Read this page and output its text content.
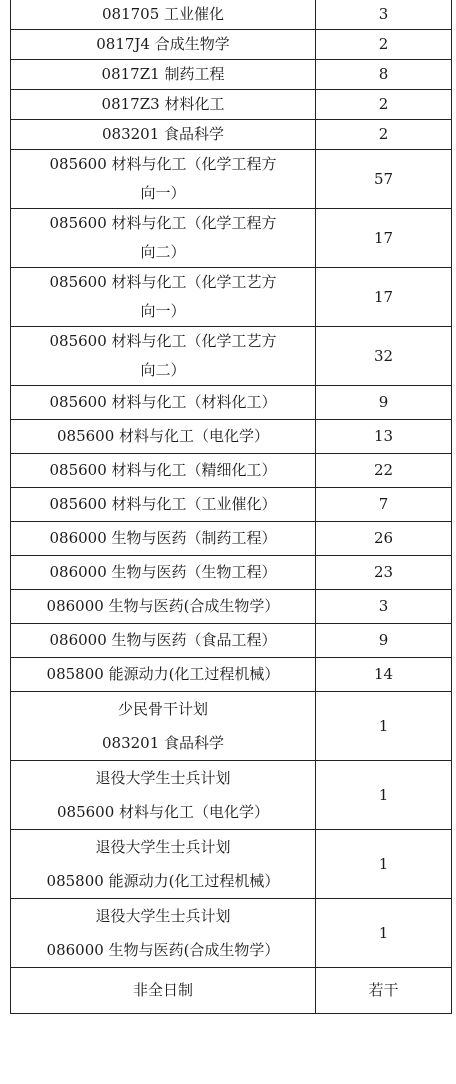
081705 工业催化	3

0817J4 合成生物学	2

0817Z1 制药工程	8

0817Z3 材料化工	2

083201 食品科学	2

085600 材料与化工（化学工程方
向一）	57

085600 材料与化工（化学工程方
向二）	17

085600 材料与化工（化学工艺方
向一）	17

085600 材料与化工（化学工艺方
向二）	32

085600 材料与化工（材料化工）	9

085600 材料与化工（电化学）	13

085600 材料与化工（精细化工）	22

085600 材料与化工（工业催化）	7

086000 生物与医药（制药工程）	26

086000 生物与医药（生物工程）	23

086000 生物与医药(合成生物学）	3

086000 生物与医药（食品工程）	9

085800 能源动力(化工过程机械）	14

少民骨干计划
083201 食品科学	1

退役大学生士兵计划
085600 材料与化工（电化学）	1

退役大学生士兵计划
085800 能源动力(化工过程机械）	1

退役大学生士兵计划
086000 生物与医药(合成生物学）	1

非全日制	若干
